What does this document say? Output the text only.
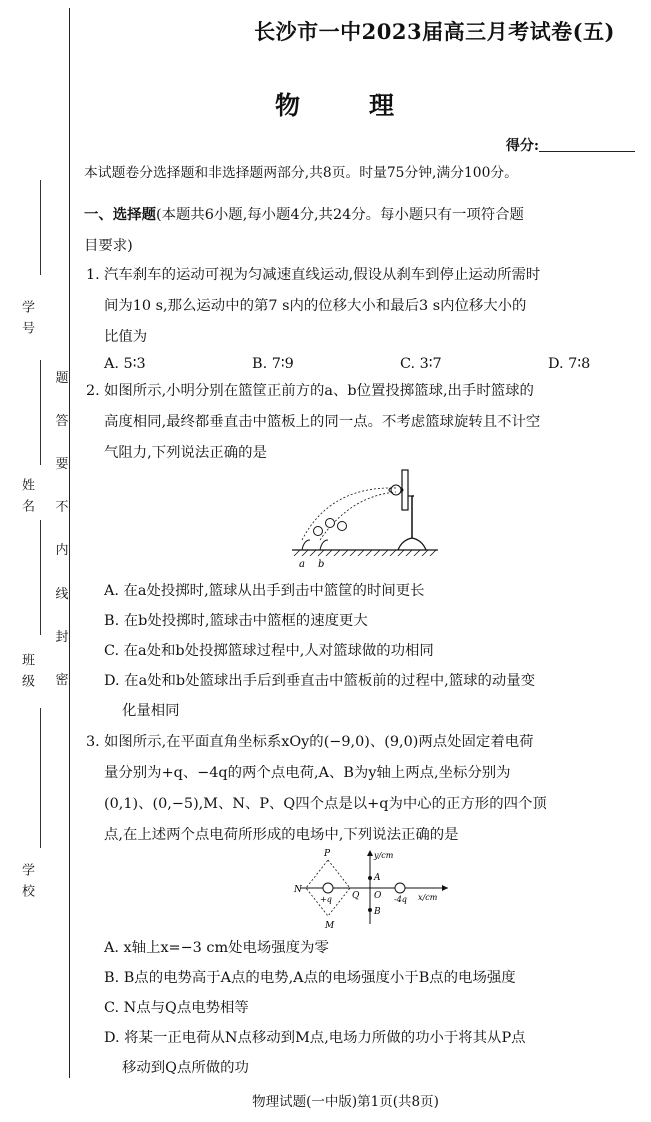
学号
姓名
班级
学校
题
答
要
不
内
线
封
密
长沙市一中2023届高三月考试卷(五)
物　理
得分:
本试题卷分选择题和非选择题两部分,共8页。时量75分钟,满分100分。
一、选择题(本题共6小题,每小题4分,共24分。每小题只有一项符合题
目要求)
1. 汽车刹车的运动可视为匀减速直线运动,假设从刹车到停止运动所需时
间为10 s,那么运动中的第7 s内的位移大小和最后3 s内位移大小的
比值为
A. 5∶3	B. 7∶9	C. 3∶7	D. 7∶8
2. 如图所示,小明分别在篮筐正前方的a、b位置投掷篮球,出手时篮球的
高度相同,最终都垂直击中篮板上的同一点。不考虑篮球旋转且不计空
气阻力,下列说法正确的是
a b
A. 在a处投掷时,篮球从出手到击中篮筐的时间更长
B. 在b处投掷时,篮球击中篮框的速度更大
C. 在a处和b处投掷篮球过程中,人对篮球做的功相同
D. 在a处和b处篮球出手后到垂直击中篮板前的过程中,篮球的动量变
化量相同
3. 如图所示,在平面直角坐标系xOy的(−9,0)、(9,0)两点处固定着电荷
量分别为+q、−4q的两个点电荷,A、B为y轴上两点,坐标分别为
(0,1)、(0,−5),M、N、P、Q四个点是以+q为中心的正方形的四个顶
点,在上述两个点电荷所形成的电场中,下列说法正确的是
P
N
M
Q O
A
B
+q	-4q
y/cm
x/cm
A. x轴上x=−3 cm处电场强度为零
B. B点的电势高于A点的电势,A点的电场强度小于B点的电场强度
C. N点与Q点电势相等
D. 将某一正电荷从N点移动到M点,电场力所做的功小于将其从P点
移动到Q点所做的功
物理试题(一中版)第1页(共8页)
